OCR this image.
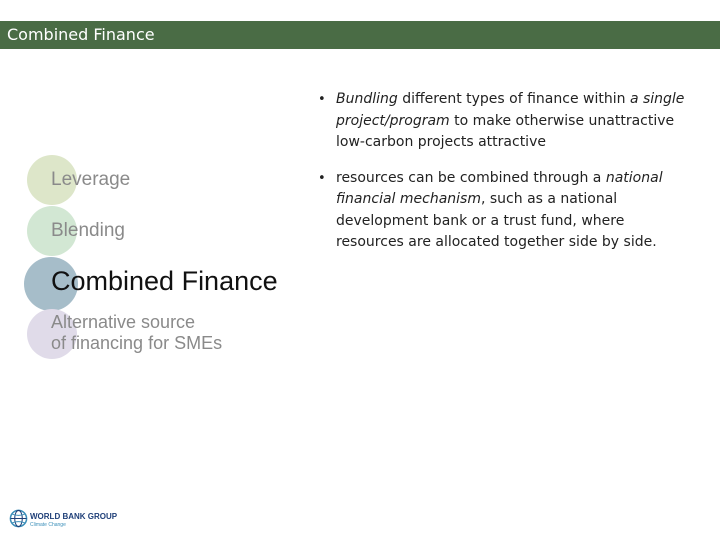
Combined Finance
Leverage
Blending
Combined Finance
Alternative source
of financing for SMEs
• Bundling different types of finance within a single project/program to make otherwise unattractive low-carbon projects attractive
• resources can be combined through a national financial mechanism, such as a national development bank or a trust fund, where resources are allocated together side by side.
WORLD BANK GROUP
Climate Change
